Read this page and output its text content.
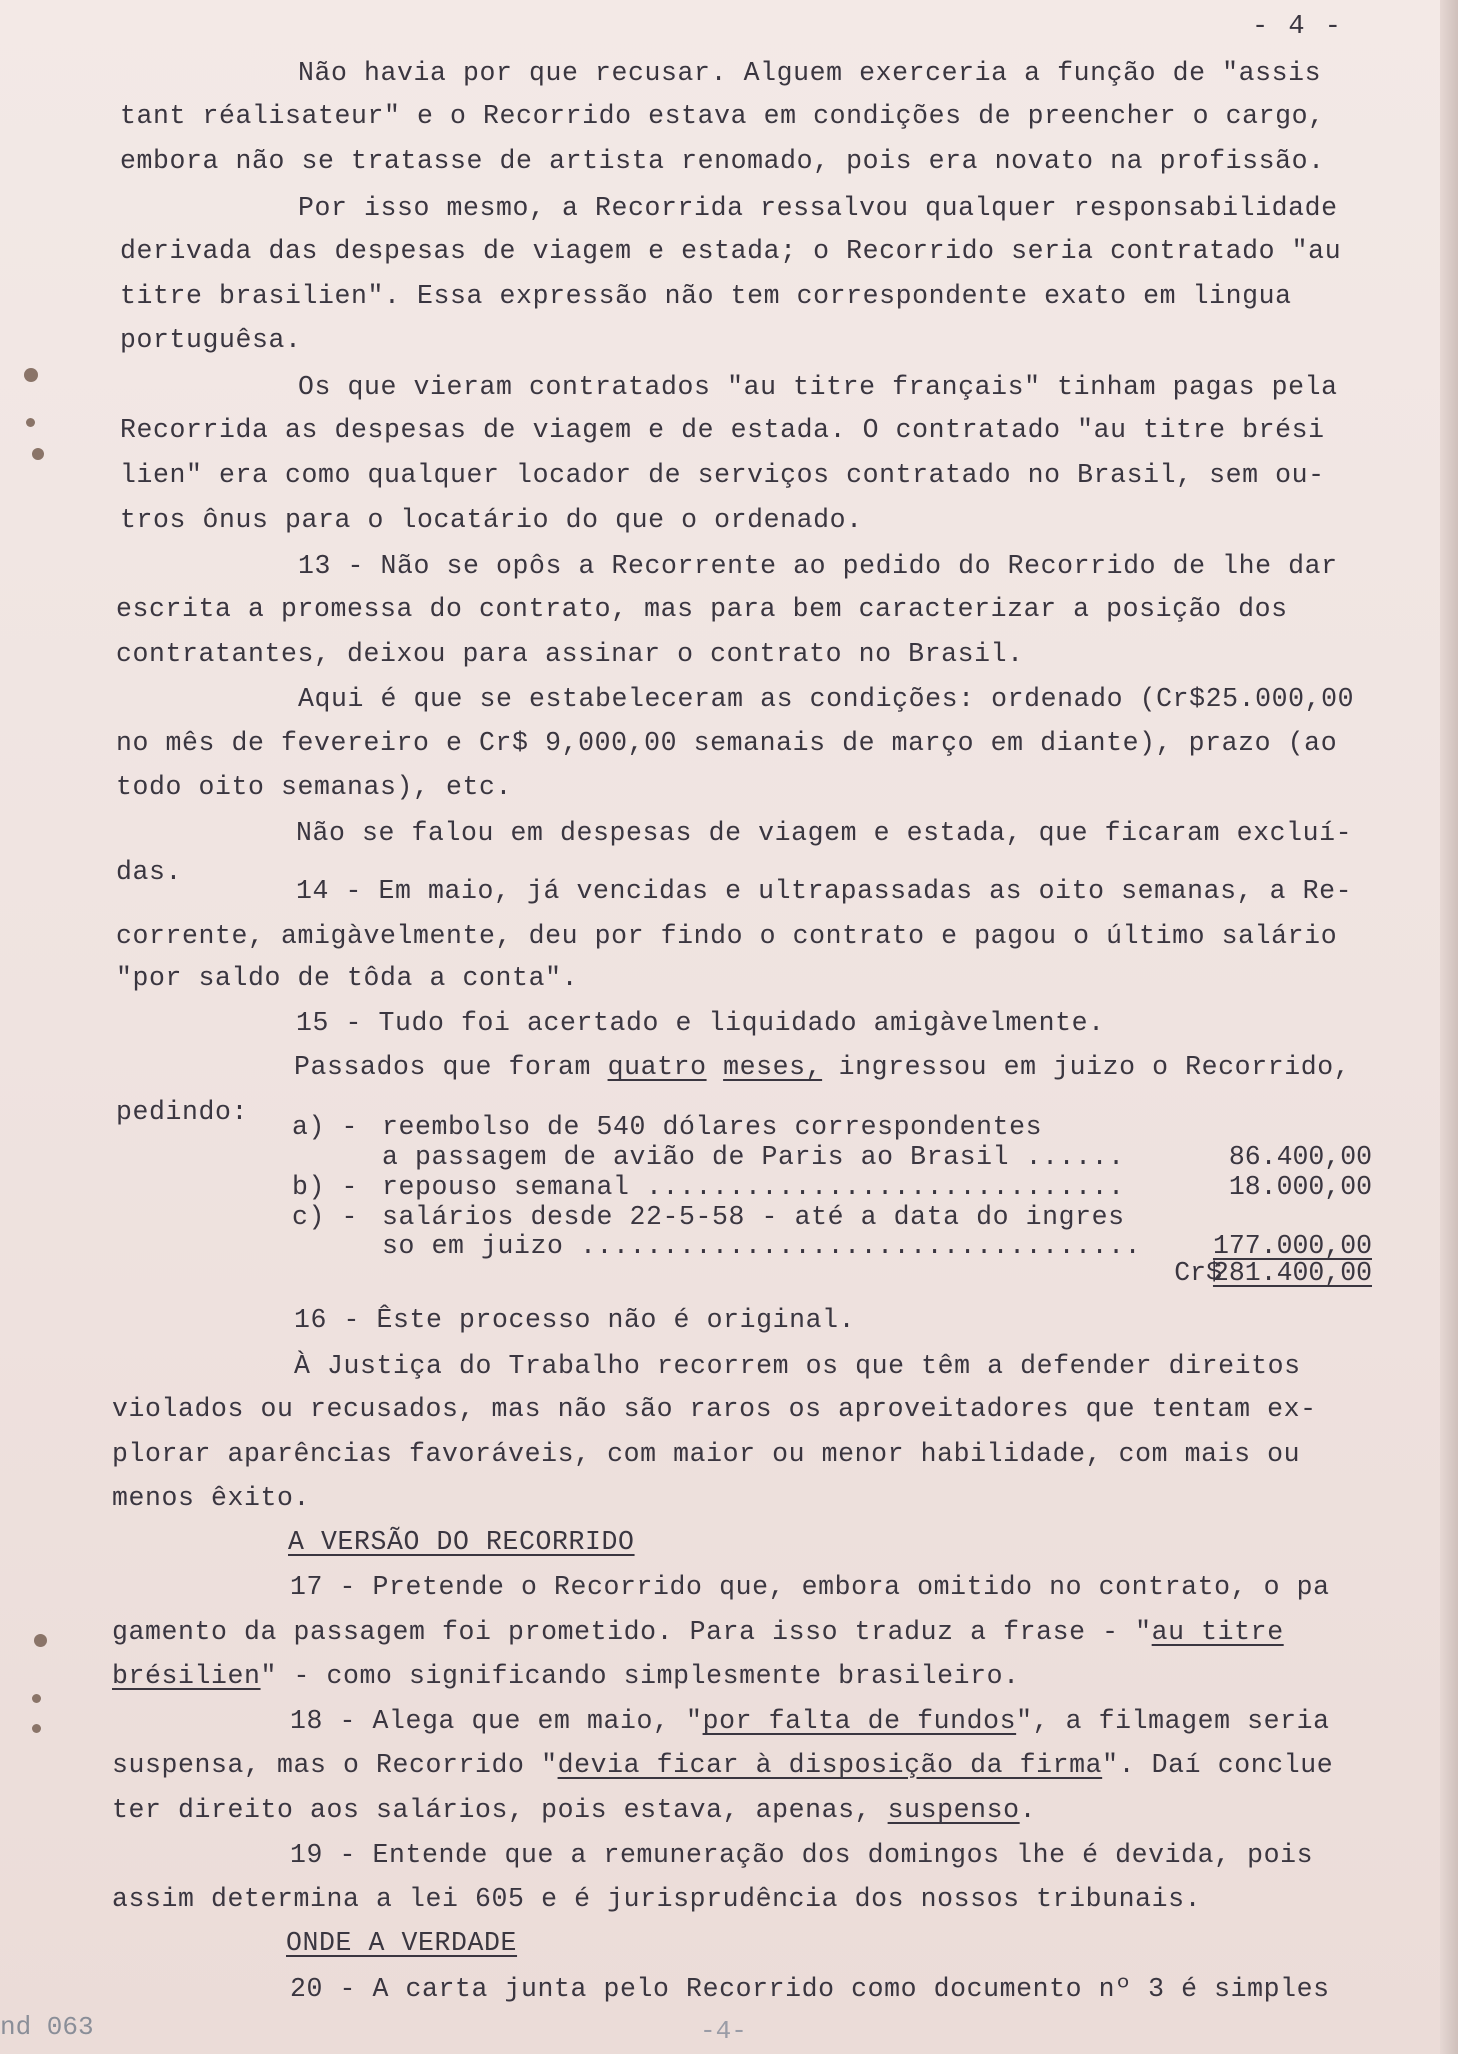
- 4 -
Não havia por que recusar. Alguem exerceria a função de "assis
tant réalisateur" e o Recorrido estava em condições de preencher o cargo,
embora não se tratasse de artista renomado, pois era novato na profissão.
Por isso mesmo, a Recorrida ressalvou qualquer responsabilidade
derivada das despesas de viagem e estada; o Recorrido seria contratado "au
titre brasilien". Essa expressão não tem correspondente exato em lingua
portuguêsa.
Os que vieram contratados "au titre français" tinham pagas pela
Recorrida as despesas de viagem e de estada. O contratado "au titre brési
lien" era como qualquer locador de serviços contratado no Brasil, sem ou-
tros ônus para o locatário do que o ordenado.
13 - Não se opôs a Recorrente ao pedido do Recorrido de lhe dar
escrita a promessa do contrato, mas para bem caracterizar a posição dos
contratantes, deixou para assinar o contrato no Brasil.
Aqui é que se estabeleceram as condições: ordenado (Cr$25.000,00
no mês de fevereiro e Cr$ 9,000,00 semanais de março em diante), prazo (ao
todo oito semanas), etc.
Não se falou em despesas de viagem e estada, que ficaram excluí-
das.
14 - Em maio, já vencidas e ultrapassadas as oito semanas, a Re-
corrente, amigàvelmente, deu por findo o contrato e pagou o último salário
"por saldo de tôda a conta".
15 - Tudo foi acertado e liquidado amigàvelmente.
Passados que foram quatro meses, ingressou em juizo o Recorrido,
pedindo: a) - reembolso de 540 dólares correspondentes
a passagem de avião de Paris ao Brasil ......	86.400,00
b) - repouso semanal .............................	18.000,00
c) - salários desde 22-5-58 - até a data do ingres
so em juizo ..................................	177.000,00
Cr$
281.400,00
16 - Êste processo não é original.
À Justiça do Trabalho recorrem os que têm a defender direitos
violados ou recusados, mas não são raros os aproveitadores que tentam ex-
plorar aparências favoráveis, com maior ou menor habilidade, com mais ou
menos êxito.
A VERSÃO DO RECORRIDO
17 - Pretende o Recorrido que, embora omitido no contrato, o pa
gamento da passagem foi prometido. Para isso traduz a frase - "au titre
brésilien" - como significando simplesmente brasileiro.
18 - Alega que em maio, "por falta de fundos", a filmagem seria
suspensa, mas o Recorrido "devia ficar à disposição da firma". Daí conclue
ter direito aos salários, pois estava, apenas, suspenso.
19 - Entende que a remuneração dos domingos lhe é devida, pois
assim determina a lei 605 e é jurisprudência dos nossos tribunais.
ONDE A VERDADE
20 - A carta junta pelo Recorrido como documento nº 3 é simples
nd 063	-4-
